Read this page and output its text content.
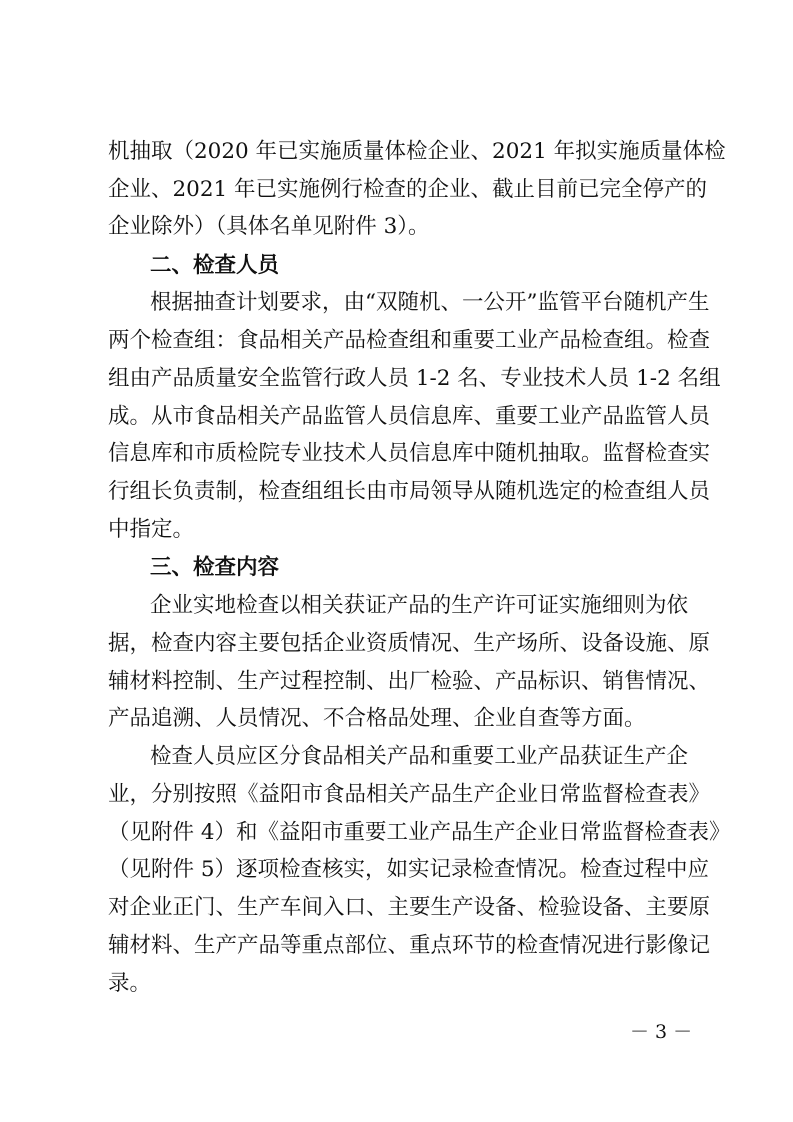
机抽取（2020 年已实施质量体检企业、2021 年拟实施质量体检
企业、2021 年已实施例行检查的企业、截止目前已完全停产的
企业除外）（具体名单见附件 3）。
二、检查人员
根据抽查计划要求，由“双随机、一公开”监管平台随机产生
两个检查组：食品相关产品检查组和重要工业产品检查组。检查
组由产品质量安全监管行政人员 1-2 名、专业技术人员 1-2 名组
成。从市食品相关产品监管人员信息库、重要工业产品监管人员
信息库和市质检院专业技术人员信息库中随机抽取。监督检查实
行组长负责制，检查组组长由市局领导从随机选定的检查组人员
中指定。
三、检查内容
企业实地检查以相关获证产品的生产许可证实施细则为依
据，检查内容主要包括企业资质情况、生产场所、设备设施、原
辅材料控制、生产过程控制、出厂检验、产品标识、销售情况、
产品追溯、人员情况、不合格品处理、企业自查等方面。
检查人员应区分食品相关产品和重要工业产品获证生产企
业，分别按照《益阳市食品相关产品生产企业日常监督检查表》
（见附件 4）和《益阳市重要工业产品生产企业日常监督检查表》
（见附件 5）逐项检查核实，如实记录检查情况。检查过程中应
对企业正门、生产车间入口、主要生产设备、检验设备、主要原
辅材料、生产产品等重点部位、重点环节的检查情况进行影像记
录。
－ 3 －
